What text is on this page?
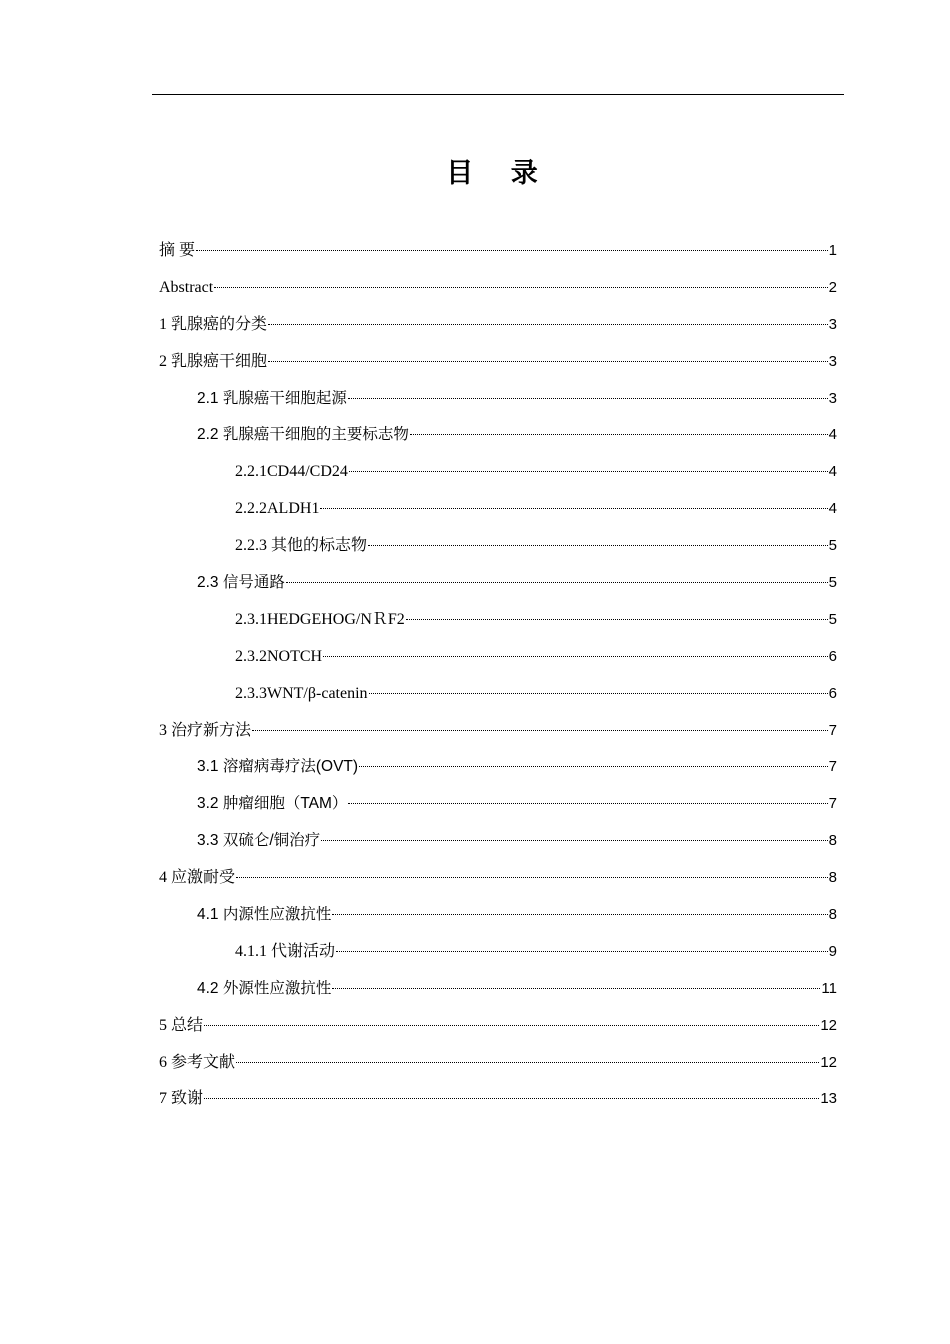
目 录
摘 要	1
Abstract	2
1 乳腺癌的分类	3
2 乳腺癌干细胞	3
2.1 乳腺癌干细胞起源	3
2.2 乳腺癌干细胞的主要标志物	4
2.2.1CD44/CD24	4
2.2.2ALDH1	4
2.2.3 其他的标志物	5
2.3 信号通路	5
2.3.1HEDGEHOG/NＲF2	5
2.3.2NOTCH	6
2.3.3WNT/β-catenin	6
3 治疗新方法	7
3.1 溶瘤病毒疗法(OVT)	7
3.2 肿瘤细胞（TAM）	7
3.3 双硫仑/铜治疗	8
4 应激耐受	8
4.1 内源性应激抗性	8
4.1.1 代谢活动	9
4.2 外源性应激抗性	11
5 总结	12
6 参考文献	12
7 致谢	13
